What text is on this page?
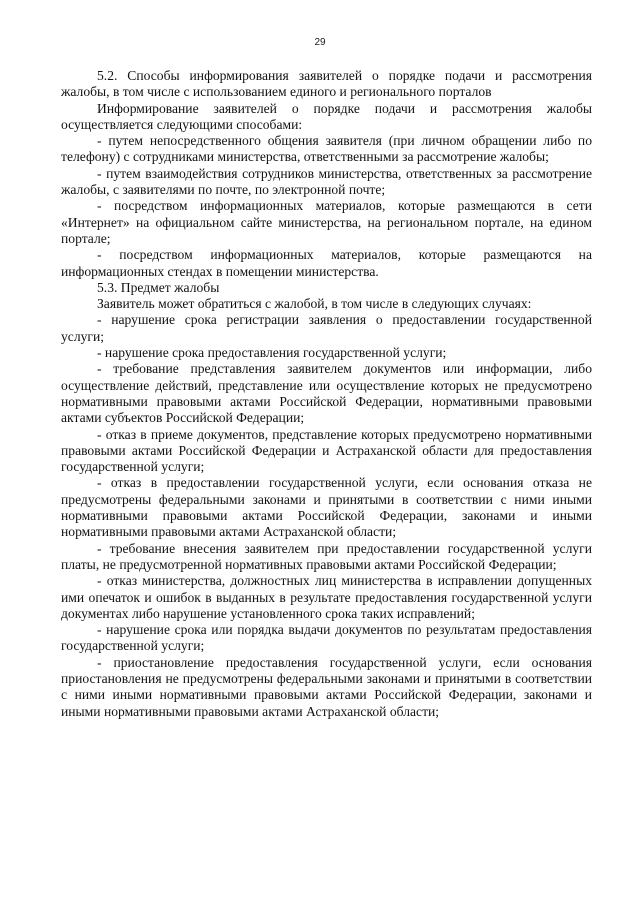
29

5.2. Способы информирования заявителей о порядке подачи и рассмотрения жалобы, в том числе с использованием единого и регионального порталов

Информирование заявителей о порядке подачи и рассмотрения жалобы осуществляется следующими способами:

- путем непосредственного общения заявителя (при личном обращении либо по телефону) с сотрудниками министерства, ответственными за рассмотрение жалобы;

- путем взаимодействия сотрудников министерства, ответственных за рассмотрение жалобы, с заявителями по почте, по электронной почте;

- посредством информационных материалов, которые размещаются в сети «Интернет» на официальном сайте министерства, на региональном портале, на едином портале;

- посредством информационных материалов, которые размещаются на информационных стендах в помещении министерства.

5.3. Предмет жалобы

Заявитель может обратиться с жалобой, в том числе в следующих случаях:

- нарушение срока регистрации заявления о предоставлении государственной услуги;

- нарушение срока предоставления государственной услуги;

- требование представления заявителем документов или информации, либо осуществление действий, представление или осуществление которых не предусмотрено нормативными правовыми актами Российской Федерации, нормативными правовыми актами субъектов Российской Федерации;

- отказ в приеме документов, представление которых предусмотрено нормативными правовыми актами Российской Федерации и Астраханской области для предоставления государственной услуги;

- отказ в предоставлении государственной услуги, если основания отказа не предусмотрены федеральными законами и принятыми в соответствии с ними иными нормативными правовыми актами Российской Федерации, законами и иными нормативными правовыми актами Астраханской области;

- требование внесения заявителем при предоставлении государственной услуги платы, не предусмотренной нормативных правовыми актами Российской Федерации;

- отказ министерства, должностных лиц министерства в исправлении допущенных ими опечаток и ошибок в выданных в результате предоставления государственной услуги документах либо нарушение установленного срока таких исправлений;

- нарушение срока или порядка выдачи документов по результатам предоставления государственной услуги;

- приостановление предоставления государственной услуги, если основания приостановления не предусмотрены федеральными законами и принятыми в соответствии с ними иными нормативными правовыми актами Российской Федерации, законами и иными нормативными правовыми актами Астраханской области;
